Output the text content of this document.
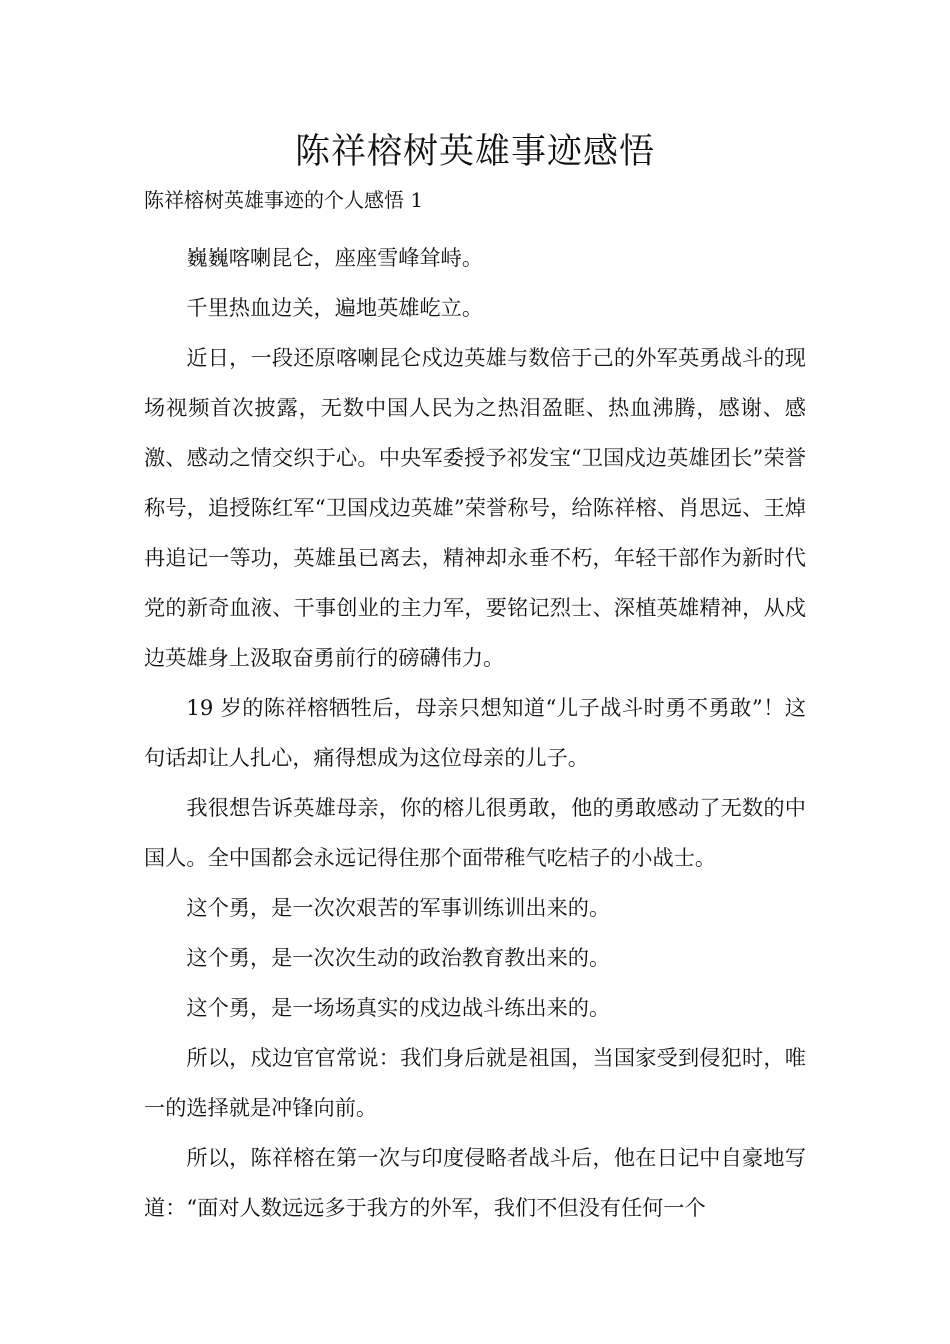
陈祥榕树英雄事迹感悟
陈祥榕树英雄事迹的个人感悟 1

巍巍喀喇昆仑，座座雪峰耸峙。

千里热血边关，遍地英雄屹立。

近日，一段还原喀喇昆仑戍边英雄与数倍于己的外军英勇战斗的现场视频首次披露，无数中国人民为之热泪盈眶、热血沸腾，感谢、感激、感动之情交织于心。中央军委授予祁发宝“卫国戍边英雄团长”荣誉称号，追授陈红军“卫国戍边英雄”荣誉称号，给陈祥榕、肖思远、王焯冉追记一等功，英雄虽已离去，精神却永垂不朽，年轻干部作为新时代党的新奇血液、干事创业的主力军，要铭记烈士、深植英雄精神，从戍边英雄身上汲取奋勇前行的磅礴伟力。

19 岁的陈祥榕牺牲后，母亲只想知道“儿子战斗时勇不勇敢”！这句话却让人扎心，痛得想成为这位母亲的儿子。

我很想告诉英雄母亲，你的榕儿很勇敢，他的勇敢感动了无数的中国人。全中国都会永远记得住那个面带稚气吃桔子的小战士。

这个勇，是一次次艰苦的军事训练训出来的。

这个勇，是一次次生动的政治教育教出来的。

这个勇，是一场场真实的戍边战斗练出来的。

所以，戍边官官常说：我们身后就是祖国，当国家受到侵犯时，唯一的选择就是冲锋向前。

所以，陈祥榕在第一次与印度侵略者战斗后，他在日记中自豪地写道：“面对人数远远多于我方的外军，我们不但没有任何一个
